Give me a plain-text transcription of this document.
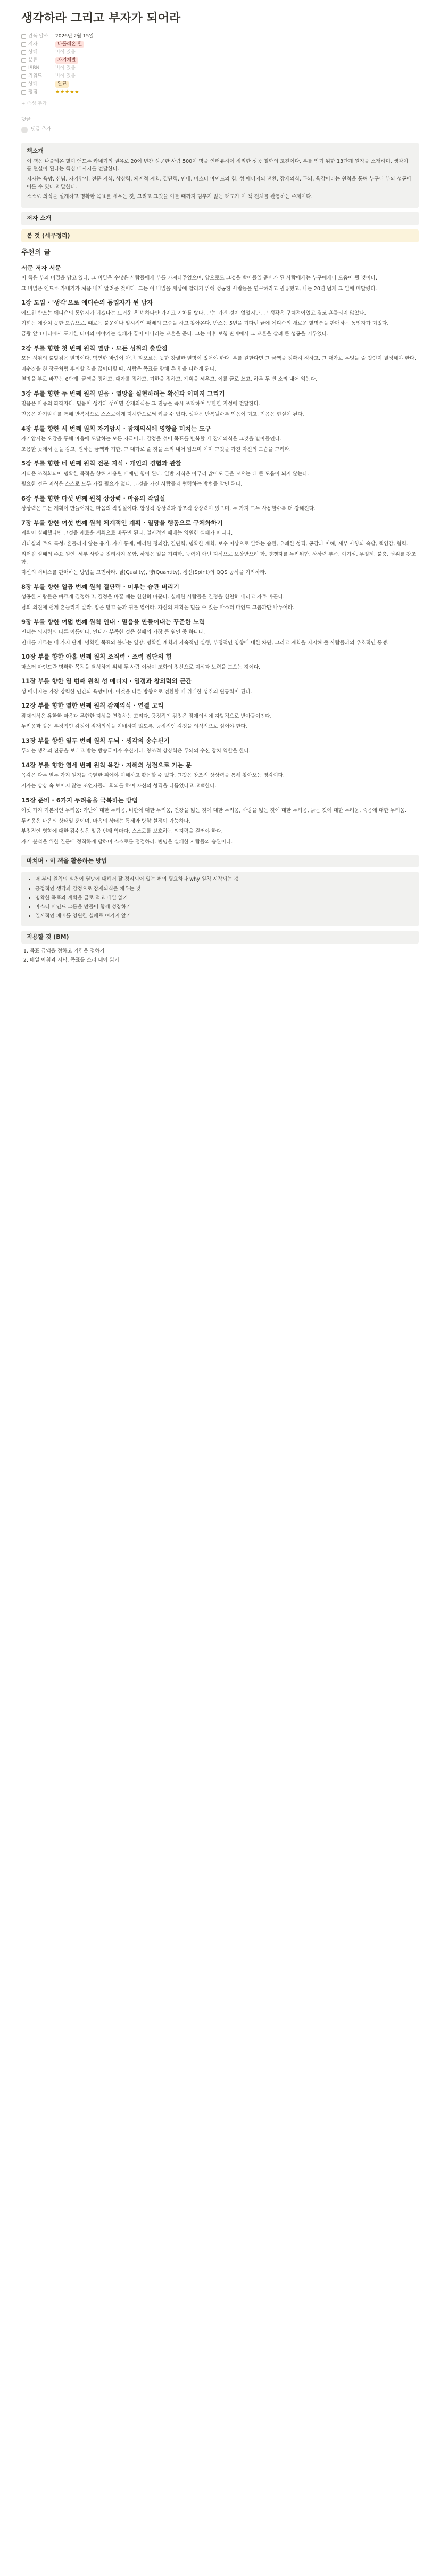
생각하라 그리고 부자가 되어라
완독 날짜 2026년 2월 15일
저자	나폴레온 힐
상태	비어 있음
분류	자기계발
ISBN	비어 있음
키워드	비어 있음
상태	완료
평점	★★★★★
+ 속성 추가
댓글
댓글 추가
책소개

이 책은 나폴레온 힐이 앤드루 카네기의 권유로 20여 년간 성공한 사람 500여 명을 인터뷰하여 정리한 성공 철학의 고전이다. 부를 얻기 위한 13단계 원칙을 소개하며, 생각이 곧 현실이 된다는 핵심 메시지를 전달한다.

저자는 욕망, 신념, 자기암시, 전문 지식, 상상력, 체계적 계획, 결단력, 인내, 마스터 마인드의 힘, 성 에너지의 전환, 잠재의식, 두뇌, 육감이라는 원칙을 통해 누구나 부와 성공에 이를 수 있다고 말한다.

스스로 의식을 설계하고 명확한 목표를 세우는 것, 그리고 그것을 이룰 때까지 멈추지 않는 태도가 이 책 전체를 관통하는 주제이다.

저자 소개
본 것 (세부정리)
추천의 글
서문 저자 서문

이 책은 부의 비밀을 담고 있다. 그 비밀은 수많은 사람들에게 부를 가져다주었으며, 앞으로도 그것을 받아들일 준비가 된 사람에게는 누구에게나 도움이 될 것이다.

그 비밀은 앤드루 카네기가 처음 내게 알려준 것이다. 그는 이 비밀을 세상에 알리기 위해 성공한 사람들을 연구하라고 권유했고, 나는 20년 넘게 그 일에 매달렸다.

1장 도입 · '생각'으로 에디슨의 동업자가 된 남자

에드윈 반스는 에디슨의 동업자가 되겠다는 뜨거운 욕망 하나만 가지고 기차를 탔다. 그는 가진 것이 없었지만, 그 생각은 구체적이었고 결코 흔들리지 않았다.

기회는 예상치 못한 모습으로, 때로는 불운이나 일시적인 패배의 모습을 하고 찾아온다. 반스는 5년을 기다린 끝에 에디슨의 새로운 발명품을 판매하는 동업자가 되었다.

금광 앞 1미터에서 포기한 더비의 이야기는 실패가 끝이 아니라는 교훈을 준다. 그는 이후 보험 판매에서 그 교훈을 살려 큰 성공을 거두었다.

2장 부를 향한 첫 번째 원칙 열망 · 모든 성취의 출발점

모든 성취의 출발점은 열망이다. 막연한 바람이 아닌, 타오르는 듯한 강렬한 열망이 있어야 한다. 부를 원한다면 그 금액을 정확히 정하고, 그 대가로 무엇을 줄 것인지 결정해야 한다.

배수진을 친 장군처럼 후퇴할 길을 끊어버릴 때, 사람은 목표를 향해 온 힘을 다하게 된다.

열망을 부로 바꾸는 6단계: 금액을 정하고, 대가를 정하고, 기한을 정하고, 계획을 세우고, 이를 글로 쓰고, 하루 두 번 소리 내어 읽는다.

3장 부를 향한 두 번째 원칙 믿음 · 열망을 실현하려는 확신과 이미지 그리기

믿음은 마음의 화학자다. 믿음이 생각과 섞이면 잠재의식은 그 진동을 즉시 포착하여 무한한 지성에 전달한다.

믿음은 자기암시를 통해 반복적으로 스스로에게 지시함으로써 키울 수 있다. 생각은 반복될수록 믿음이 되고, 믿음은 현실이 된다.

4장 부를 향한 세 번째 원칙 자기암시 · 잠재의식에 영향을 미치는 도구

자기암시는 오감을 통해 마음에 도달하는 모든 자극이다. 감정을 섞어 목표를 반복할 때 잠재의식은 그것을 받아들인다.

조용한 곳에서 눈을 감고, 원하는 금액과 기한, 그 대가로 줄 것을 소리 내어 읽으며 이미 그것을 가진 자신의 모습을 그려라.

5장 부를 향한 네 번째 원칙 전문 지식 · 개인의 경험과 관찰

지식은 조직화되어 명확한 목적을 향해 사용될 때에만 힘이 된다. 일반 지식은 아무리 많아도 돈을 모으는 데 큰 도움이 되지 않는다.

필요한 전문 지식은 스스로 모두 가질 필요가 없다. 그것을 가진 사람들과 협력하는 방법을 알면 된다.

6장 부를 향한 다섯 번째 원칙 상상력 · 마음의 작업실

상상력은 모든 계획이 만들어지는 마음의 작업실이다. 합성적 상상력과 창조적 상상력이 있으며, 두 가지 모두 사용할수록 더 강해진다.

7장 부를 향한 여섯 번째 원칙 체계적인 계획 · 열망을 행동으로 구체화하기

계획이 실패했다면 그것을 새로운 계획으로 바꾸면 된다. 일시적인 패배는 영원한 실패가 아니다.

리더십의 주요 특성: 흔들리지 않는 용기, 자기 통제, 예리한 정의감, 결단력, 명확한 계획, 보수 이상으로 일하는 습관, 유쾌한 성격, 공감과 이해, 세부 사항의 숙달, 책임감, 협력.

리더십 실패의 주요 원인: 세부 사항을 정리하지 못함, 하찮은 일을 기피함, 능력이 아닌 지식으로 보상받으려 함, 경쟁자를 두려워함, 상상력 부족, 이기심, 무절제, 불충, 권위를 강조함.

자신의 서비스를 판매하는 방법을 고민하라. 질(Quality), 양(Quantity), 정신(Spirit)의 QQS 공식을 기억하라.

8장 부를 향한 일곱 번째 원칙 결단력 · 미루는 습관 버리기

성공한 사람들은 빠르게 결정하고, 결정을 바꿀 때는 천천히 바꾼다. 실패한 사람들은 결정을 천천히 내리고 자주 바꾼다.

남의 의견에 쉽게 흔들리지 말라. 입은 닫고 눈과 귀를 열어라. 자신의 계획은 믿을 수 있는 마스터 마인드 그룹과만 나누어라.

9장 부를 향한 여덟 번째 원칙 인내 · 믿음을 만들어내는 꾸준한 노력

인내는 의지력의 다른 이름이다. 인내가 부족한 것은 실패의 가장 큰 원인 중 하나다.

인내를 기르는 네 가지 단계: 명확한 목표와 불타는 열망, 명확한 계획과 지속적인 실행, 부정적인 영향에 대한 차단, 그리고 계획을 지지해 줄 사람들과의 우호적인 동맹.

10장 부를 향한 아홉 번째 원칙 조직력 · 조력 집단의 힘

마스터 마인드란 명확한 목적을 달성하기 위해 두 사람 이상이 조화의 정신으로 지식과 노력을 모으는 것이다.

11장 부를 향한 열 번째 원칙 성 에너지 · 열정과 창의력의 근간

성 에너지는 가장 강력한 인간의 욕망이며, 이것을 다른 방향으로 전환할 때 위대한 성취의 원동력이 된다.

12장 부를 향한 열한 번째 원칙 잠재의식 · 연결 고리

잠재의식은 유한한 마음과 무한한 지성을 연결하는 고리다. 긍정적인 감정은 잠재의식에 자발적으로 받아들여진다.

두려움과 같은 부정적인 감정이 잠재의식을 지배하지 않도록, 긍정적인 감정을 의식적으로 심어야 한다.

13장 부를 향한 열두 번째 원칙 두뇌 · 생각의 송수신기

두뇌는 생각의 진동을 보내고 받는 방송국이자 수신기다. 창조적 상상력은 두뇌의 수신 장치 역할을 한다.

14장 부를 향한 열세 번째 원칙 육감 · 지혜의 성전으로 가는 문

육감은 다른 열두 가지 원칙을 숙달한 뒤에야 이해하고 활용할 수 있다. 그것은 창조적 상상력을 통해 찾아오는 영감이다.

저자는 상상 속 보이지 않는 조언자들과 회의를 하며 자신의 성격을 다듬었다고 고백한다.

15장 준비 · 6가지 두려움을 극복하는 방법

여섯 가지 기본적인 두려움: 가난에 대한 두려움, 비판에 대한 두려움, 건강을 잃는 것에 대한 두려움, 사랑을 잃는 것에 대한 두려움, 늙는 것에 대한 두려움, 죽음에 대한 두려움.

두려움은 마음의 상태일 뿐이며, 마음의 상태는 통제와 방향 설정이 가능하다.

부정적인 영향에 대한 감수성은 일곱 번째 악마다. 스스로를 보호하는 의지력을 길러야 한다.

자기 분석을 위한 질문에 정직하게 답하며 스스로를 점검하라. 변명은 실패한 사람들의 습관이다.

마치며 · 이 책을 활용하는 방법
• 매 부의 원칙의 실천이 열망에 대해서 잘 정리되어 있는 편의 필요하다 why 원칙 시작되는 것
• 긍정적인 생각과 감정으로 잠재의식을 채우는 것
• 명확한 목표와 계획을 글로 적고 매일 읽기
• 마스터 마인드 그룹을 만들어 함께 성장하기
• 일시적인 패배를 영원한 실패로 여기지 않기
적용할 것 (BM)
1. 목표 금액을 정하고 기한을 정하기
2. 매일 아침과 저녁, 목표를 소리 내어 읽기
